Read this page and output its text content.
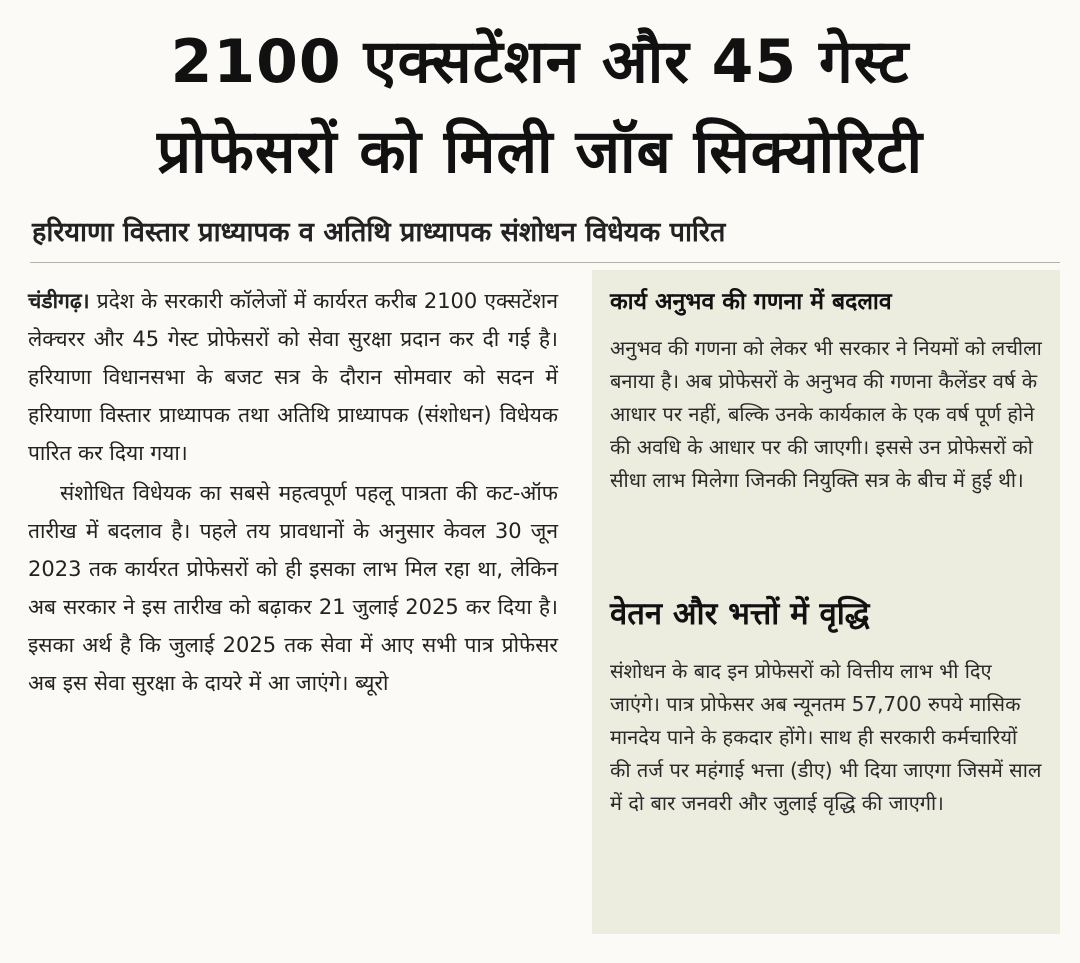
2100 एक्सटेंशन और 45 गेस्ट
प्रोफेसरों को मिली जॉब सिक्योरिटी
हरियाणा विस्तार प्राध्यापक व अतिथि प्राध्यापक संशोधन विधेयक पारित

चंडीगढ़। प्रदेश के सरकारी कॉलेजों में कार्यरत करीब 2100 एक्सटेंशन लेक्चरर और 45 गेस्ट प्रोफेसरों को सेवा सुरक्षा प्रदान कर दी गई है। हरियाणा विधानसभा के बजट सत्र के दौरान सोमवार को सदन में हरियाणा विस्तार प्राध्यापक तथा अतिथि प्राध्यापक (संशोधन) विधेयक पारित कर दिया गया।

संशोधित विधेयक का सबसे महत्वपूर्ण पहलू पात्रता की कट-ऑफ तारीख में बदलाव है। पहले तय प्रावधानों के अनुसार केवल 30 जून 2023 तक कार्यरत प्रोफेसरों को ही इसका लाभ मिल रहा था, लेकिन अब सरकार ने इस तारीख को बढ़ाकर 21 जुलाई 2025 कर दिया है। इसका अर्थ है कि जुलाई 2025 तक सेवा में आए सभी पात्र प्रोफेसर अब इस सेवा सुरक्षा के दायरे में आ जाएंगे। ब्यूरो

कार्य अनुभव की गणना में बदलाव

अनुभव की गणना को लेकर भी सरकार ने नियमों को लचीला बनाया है। अब प्रोफेसरों के अनुभव की गणना कैलेंडर वर्ष के आधार पर नहीं, बल्कि उनके कार्यकाल के एक वर्ष पूर्ण होने की अवधि के आधार पर की जाएगी। इससे उन प्रोफेसरों को सीधा लाभ मिलेगा जिनकी नियुक्ति सत्र के बीच में हुई थी।

वेतन और भत्तों में वृद्धि

संशोधन के बाद इन प्रोफेसरों को वित्तीय लाभ भी दिए जाएंगे। पात्र प्रोफेसर अब न्यूनतम 57,700 रुपये मासिक मानदेय पाने के हकदार होंगे। साथ ही सरकारी कर्मचारियों की तर्ज पर महंगाई भत्ता (डीए) भी दिया जाएगा जिसमें साल में दो बार जनवरी और जुलाई वृद्धि की जाएगी।
